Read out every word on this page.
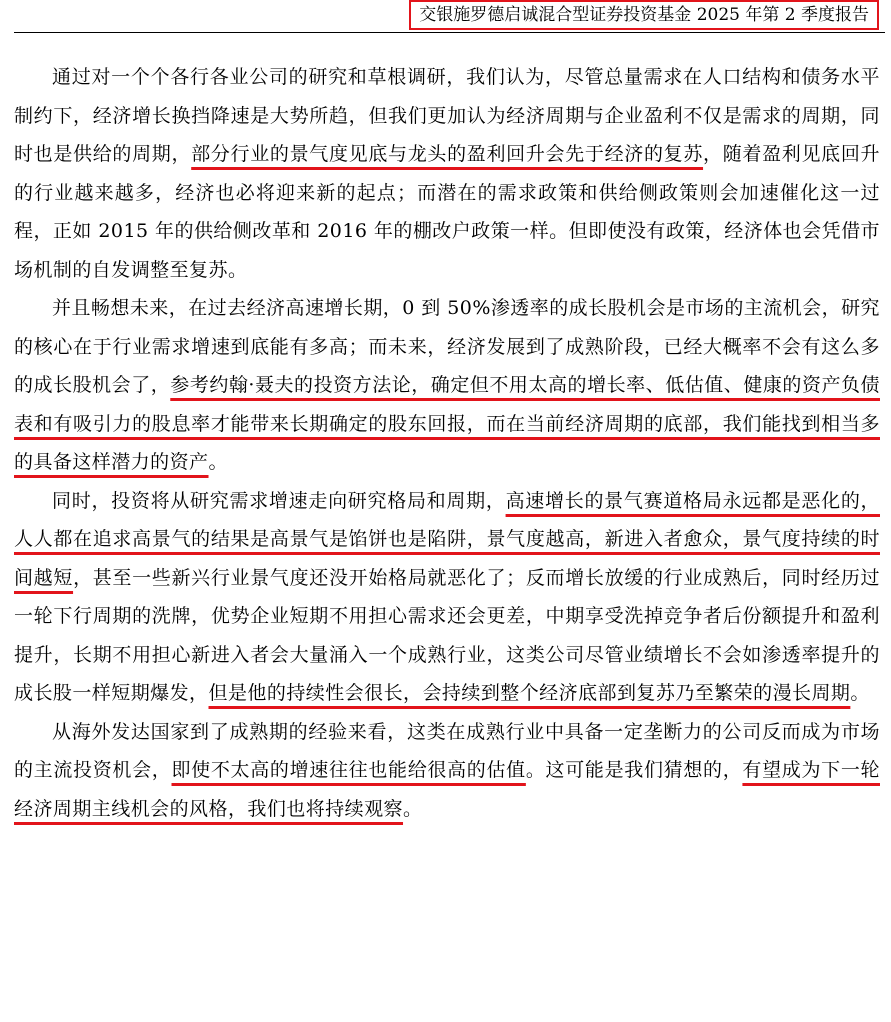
交银施罗德启诚混合型证券投资基金 2025 年第 2 季度报告

通过对一个个各行各业公司的研究和草根调研，我们认为，尽管总量需求在人口结构和债务水平制约下，经济增长换挡降速是大势所趋，但我们更加认为经济周期与企业盈利不仅是需求的周期，同时也是供给的周期，部分行业的景气度见底与龙头的盈利回升会先于经济的复苏，随着盈利见底回升的行业越来越多，经济也必将迎来新的起点；而潜在的需求政策和供给侧政策则会加速催化这一过程，正如 2015 年的供给侧改革和 2016 年的棚改户政策一样。但即使没有政策，经济体也会凭借市场机制的自发调整至复苏。

并且畅想未来，在过去经济高速增长期，0 到 50%渗透率的成长股机会是市场的主流机会，研究的核心在于行业需求增速到底能有多高；而未来，经济发展到了成熟阶段，已经大概率不会有这么多的成长股机会了，参考约翰·聂夫的投资方法论，确定但不用太高的增长率、低估值、健康的资产负债表和有吸引力的股息率才能带来长期确定的股东回报，而在当前经济周期的底部，我们能找到相当多的具备这样潜力的资产。

同时，投资将从研究需求增速走向研究格局和周期，高速增长的景气赛道格局永远都是恶化的，人人都在追求高景气的结果是高景气是馅饼也是陷阱，景气度越高，新进入者愈众，景气度持续的时间越短，甚至一些新兴行业景气度还没开始格局就恶化了；反而增长放缓的行业成熟后，同时经历过一轮下行周期的洗牌，优势企业短期不用担心需求还会更差，中期享受洗掉竞争者后份额提升和盈利提升，长期不用担心新进入者会大量涌入一个成熟行业，这类公司尽管业绩增长不会如渗透率提升的成长股一样短期爆发，但是他的持续性会很长，会持续到整个经济底部到复苏乃至繁荣的漫长周期。

从海外发达国家到了成熟期的经验来看，这类在成熟行业中具备一定垄断力的公司反而成为市场的主流投资机会，即使不太高的增速往往也能给很高的估值。这可能是我们猜想的，有望成为下一轮经济周期主线机会的风格，我们也将持续观察。
